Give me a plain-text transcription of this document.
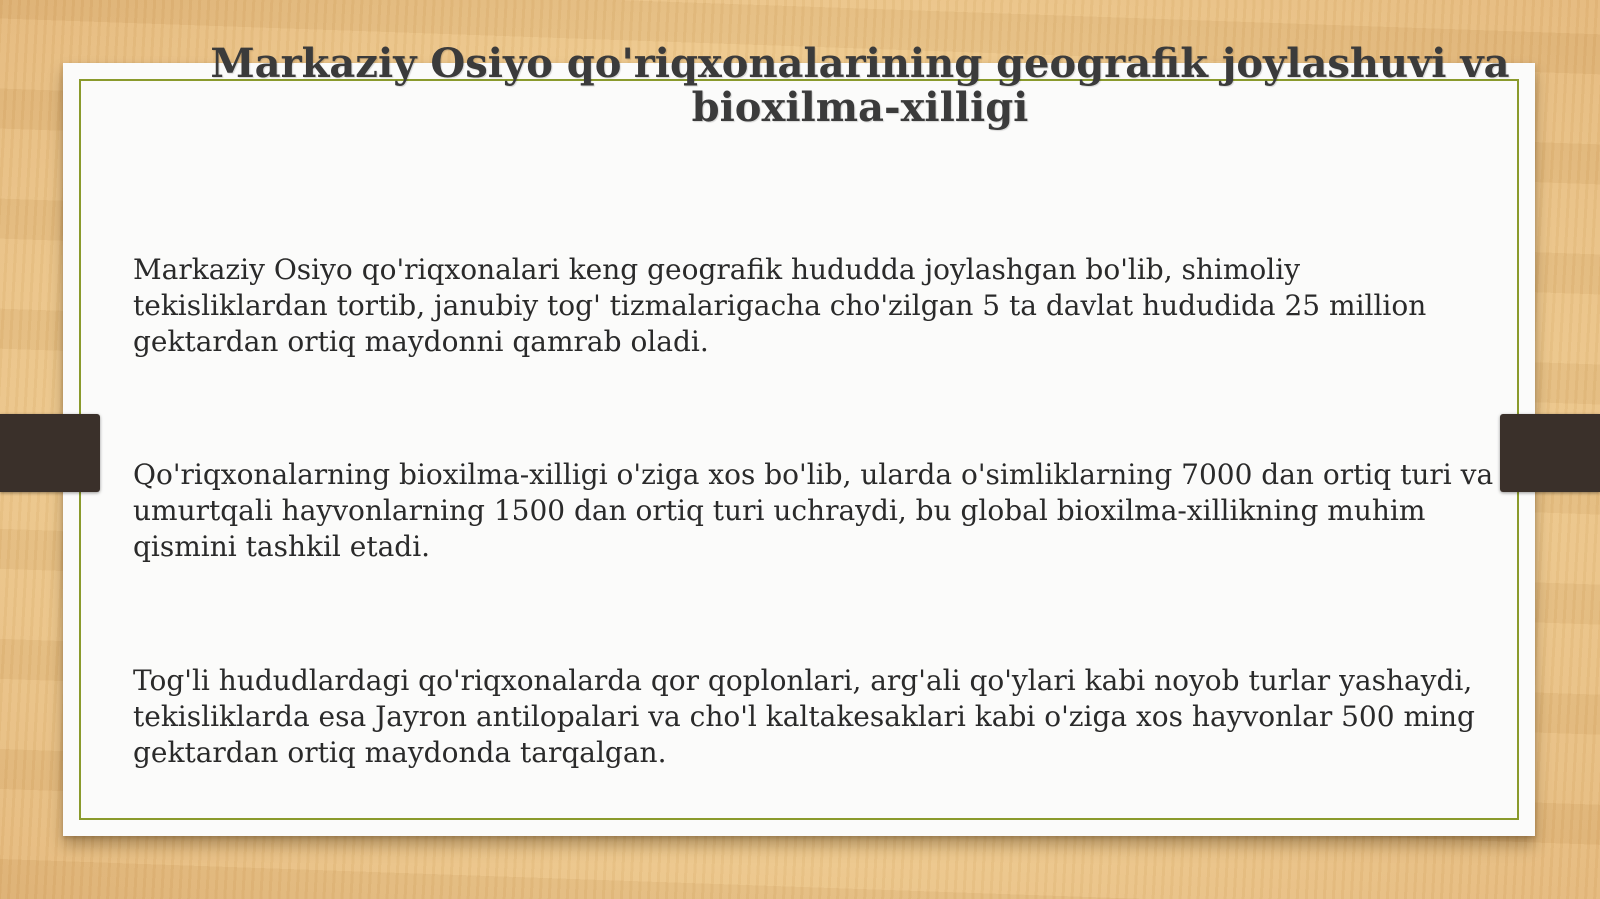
Markaziy Osiyo qo'riqxonalarining geografik joylashuvi va bioxilma-xilligi

Markaziy Osiyo qo'riqxonalari keng geografik hududda joylashgan bo'lib, shimoliy tekisliklardan tortib, janubiy tog' tizmalarigacha cho'zilgan 5 ta davlat hududida 25 million gektardan ortiq maydonni qamrab oladi.

Qo'riqxonalarning bioxilma-xilligi o'ziga xos bo'lib, ularda o'simliklarning 7000 dan ortiq turi va umurtqali hayvonlarning 1500 dan ortiq turi uchraydi, bu global bioxilma-xillikning muhim qismini tashkil etadi.

Tog'li hududlardagi qo'riqxonalarda qor qoplonlari, arg'ali qo'ylari kabi noyob turlar yashaydi, tekisliklarda esa Jayron antilopalari va cho'l kaltakesaklari kabi o'ziga xos hayvonlar 500 ming gektardan ortiq maydonda tarqalgan.
